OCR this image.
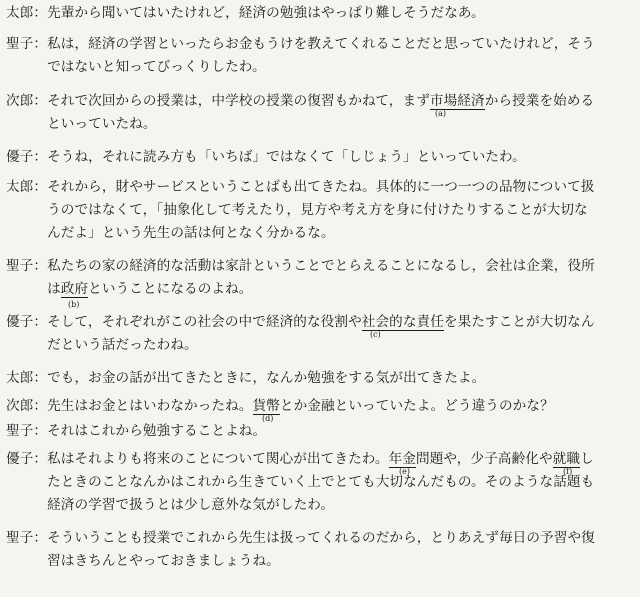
太郎：先輩から聞いてはいたけれど，経済の勉強はやっぱり難しそうだなあ。
聖子：私は，経済の学習といったらお金もうけを教えてくれることだと思っていたけれど，そう
　　　ではないと知ってびっくりしたわ。
次郎：それで次回からの授業は，中学校の授業の復習もかねて，まず市場経済から授業を始める
(a)
　　　といっていたね。
優子：そうね，それに読み方も「いちば」ではなくて「しじょう」といっていたわ。
太郎：それから，財やサービスということばも出てきたね。具体的に一つ一つの品物について扱
　　　うのではなくて，「抽象化して考えたり，見方や考え方を身に付けたりすることが大切な
　　　んだよ」という先生の話は何となく分かるな。
聖子：私たちの家の経済的な活動は家計ということでとらえることになるし，会社は企業，役所
　　　は政府ということになるのよね。
(b)
優子：そして，それぞれがこの社会の中で経済的な役割や社会的な責任を果たすことが大切なん
(c)
　　　だという話だったわね。
太郎：でも，お金の話が出てきたときに，なんか勉強をする気が出てきたよ。
次郎：先生はお金とはいわなかったね。貨幣とか金融といっていたよ。どう違うのかな？
(d)
聖子：それはこれから勉強することよね。
優子：私はそれよりも将来のことについて関心が出てきたわ。年金問題や，少子高齢化や就職し
(e)	(f)
　　　たときのことなんかはこれから生きていく上でとても大切なんだもの。そのような話題も
　　　経済の学習で扱うとは少し意外な気がしたわ。
聖子：そういうことも授業でこれから先生は扱ってくれるのだから，とりあえず毎日の予習や復
　　　習はきちんとやっておきましょうね。
